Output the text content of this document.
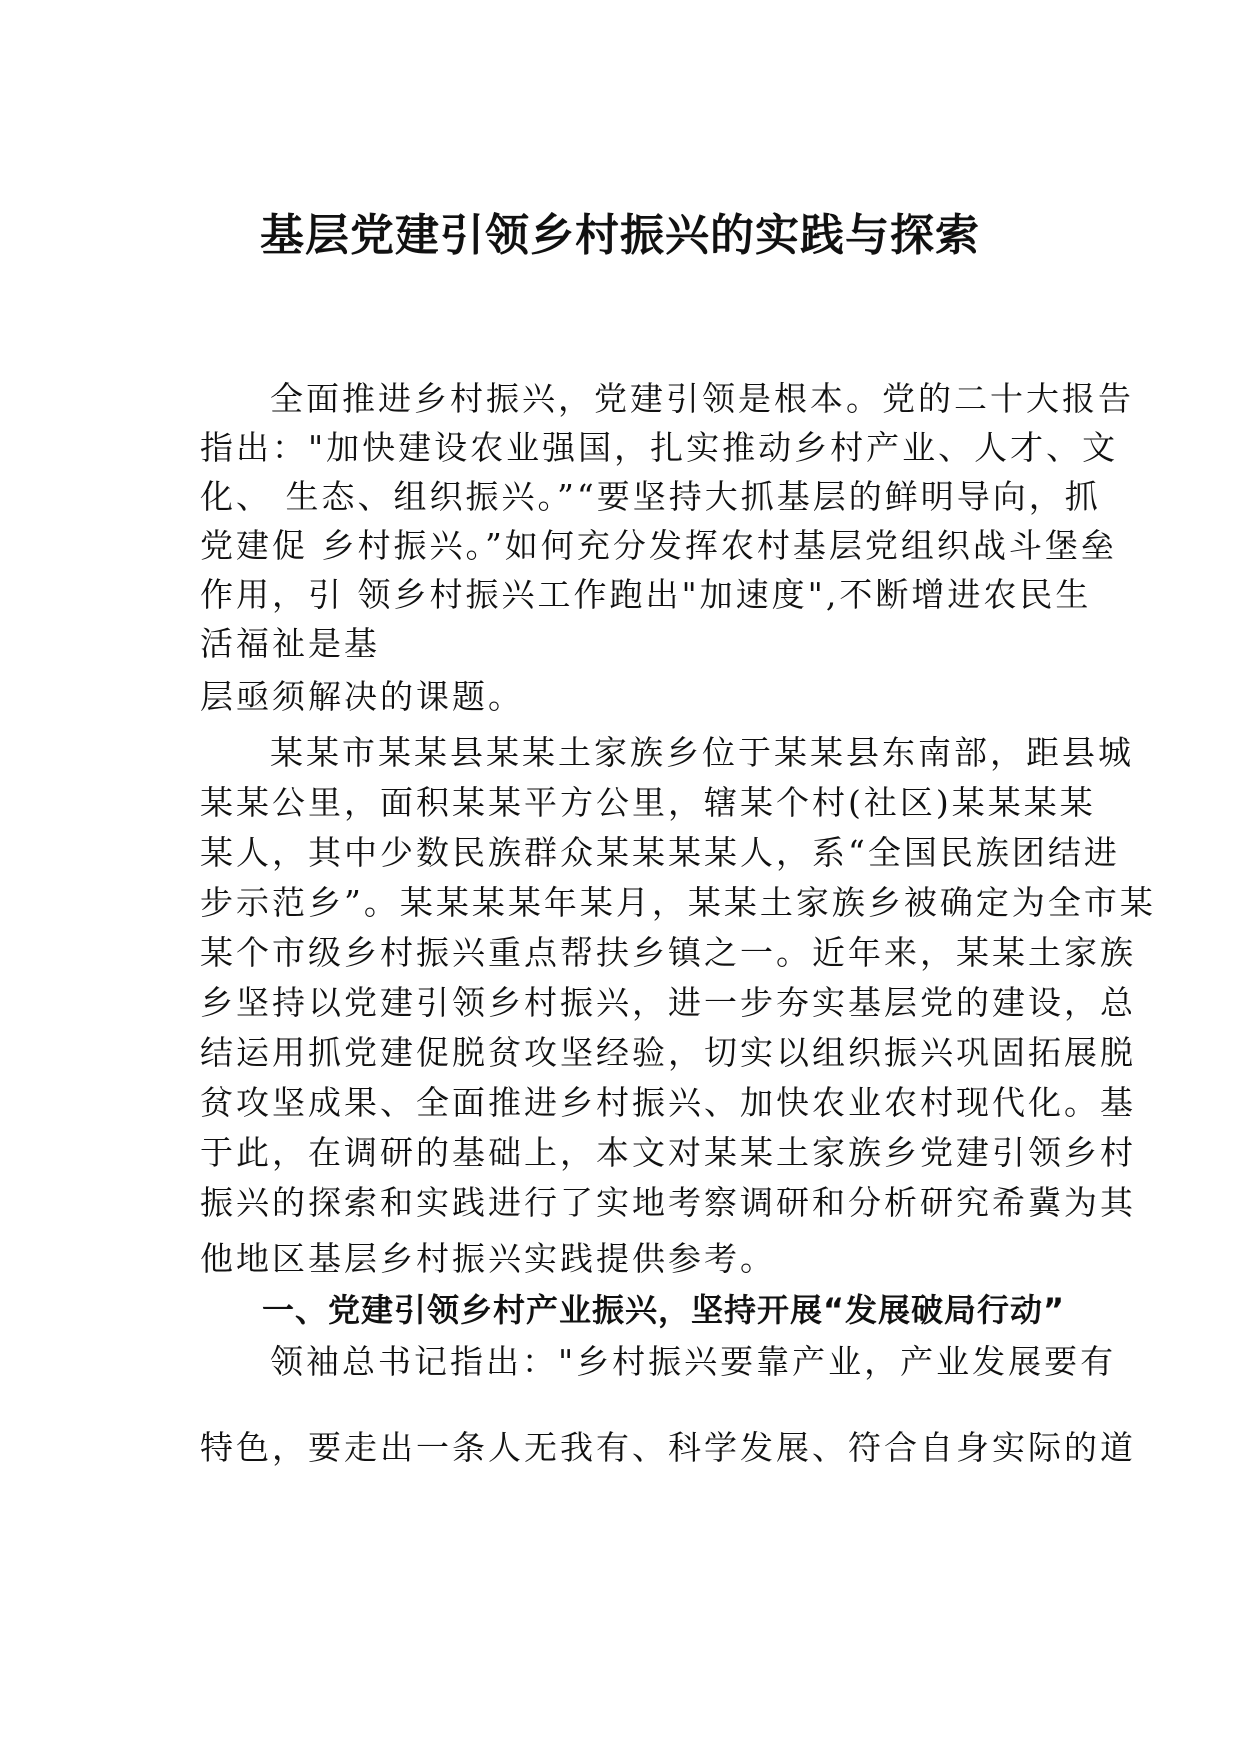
基层党建引领乡村振兴的实践与探索
全面推进乡村振兴，党建引领是根本。党的二十大报告
指出："加快建设农业强国，扎实推动乡村产业、人才、文
化、 生态、组织振兴。”“要坚持大抓基层的鲜明导向，抓
党建促 乡村振兴。”如何充分发挥农村基层党组织战斗堡垒
作用，引 领乡村振兴工作跑出"加速度",不断增进农民生
活福祉是基
层亟须解决的课题。
某某市某某县某某土家族乡位于某某县东南部，距县城
某某公里，面积某某平方公里，辖某个村(社区)某某某某
某人，其中少数民族群众某某某某人，系“全国民族团结进
步示范乡”。某某某某年某月，某某土家族乡被确定为全市某
某个市级乡村振兴重点帮扶乡镇之一。近年来，某某土家族
乡坚持以党建引领乡村振兴，进一步夯实基层党的建设，总
结运用抓党建促脱贫攻坚经验，切实以组织振兴巩固拓展脱
贫攻坚成果、全面推进乡村振兴、加快农业农村现代化。基
于此，在调研的基础上，本文对某某土家族乡党建引领乡村
振兴的探索和实践进行了实地考察调研和分析研究希冀为其
他地区基层乡村振兴实践提供参考。
一、党建引领乡村产业振兴，坚持开展“发展破局行动”
领袖总书记指出："乡村振兴要靠产业，产业发展要有
特色，要走出一条人无我有、科学发展、符合自身实际的道
